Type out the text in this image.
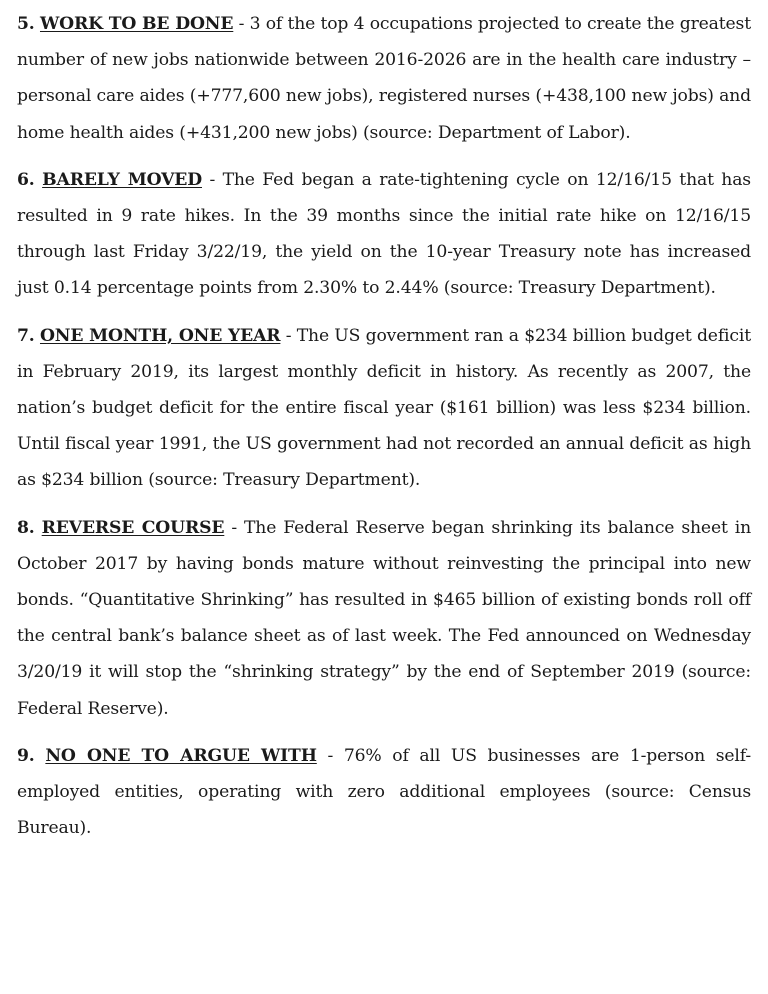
5. WORK TO BE DONE - 3 of the top 4 occupations projected to create the greatest number of new jobs nationwide between 2016-2026 are in the health care industry – personal care aides (+777,600 new jobs), registered nurses (+438,100 new jobs) and home health aides (+431,200 new jobs) (source: Department of Labor).

6. BARELY MOVED - The Fed began a rate-tightening cycle on 12/16/15 that has resulted in 9 rate hikes. In the 39 months since the initial rate hike on 12/16/15 through last Friday 3/22/19, the yield on the 10-year Treasury note has increased just 0.14 percentage points from 2.30% to 2.44% (source: Treasury Department).

7. ONE MONTH, ONE YEAR - The US government ran a $234 billion budget deficit in February 2019, its largest monthly deficit in history. As recently as 2007, the nation’s budget deficit for the entire fiscal year ($161 billion) was less $234 billion. Until fiscal year 1991, the US government had not recorded an annual deficit as high as $234 billion (source: Treasury Department).

8. REVERSE COURSE - The Federal Reserve began shrinking its balance sheet in October 2017 by having bonds mature without reinvesting the principal into new bonds. “Quantitative Shrinking” has resulted in $465 billion of existing bonds roll off the central bank’s balance sheet as of last week. The Fed announced on Wednesday 3/20/19 it will stop the “shrinking strategy” by the end of September 2019 (source: Federal Reserve).

9. NO ONE TO ARGUE WITH - 76% of all US businesses are 1-person self-employed entities, operating with zero additional employees (source: Census Bureau).
